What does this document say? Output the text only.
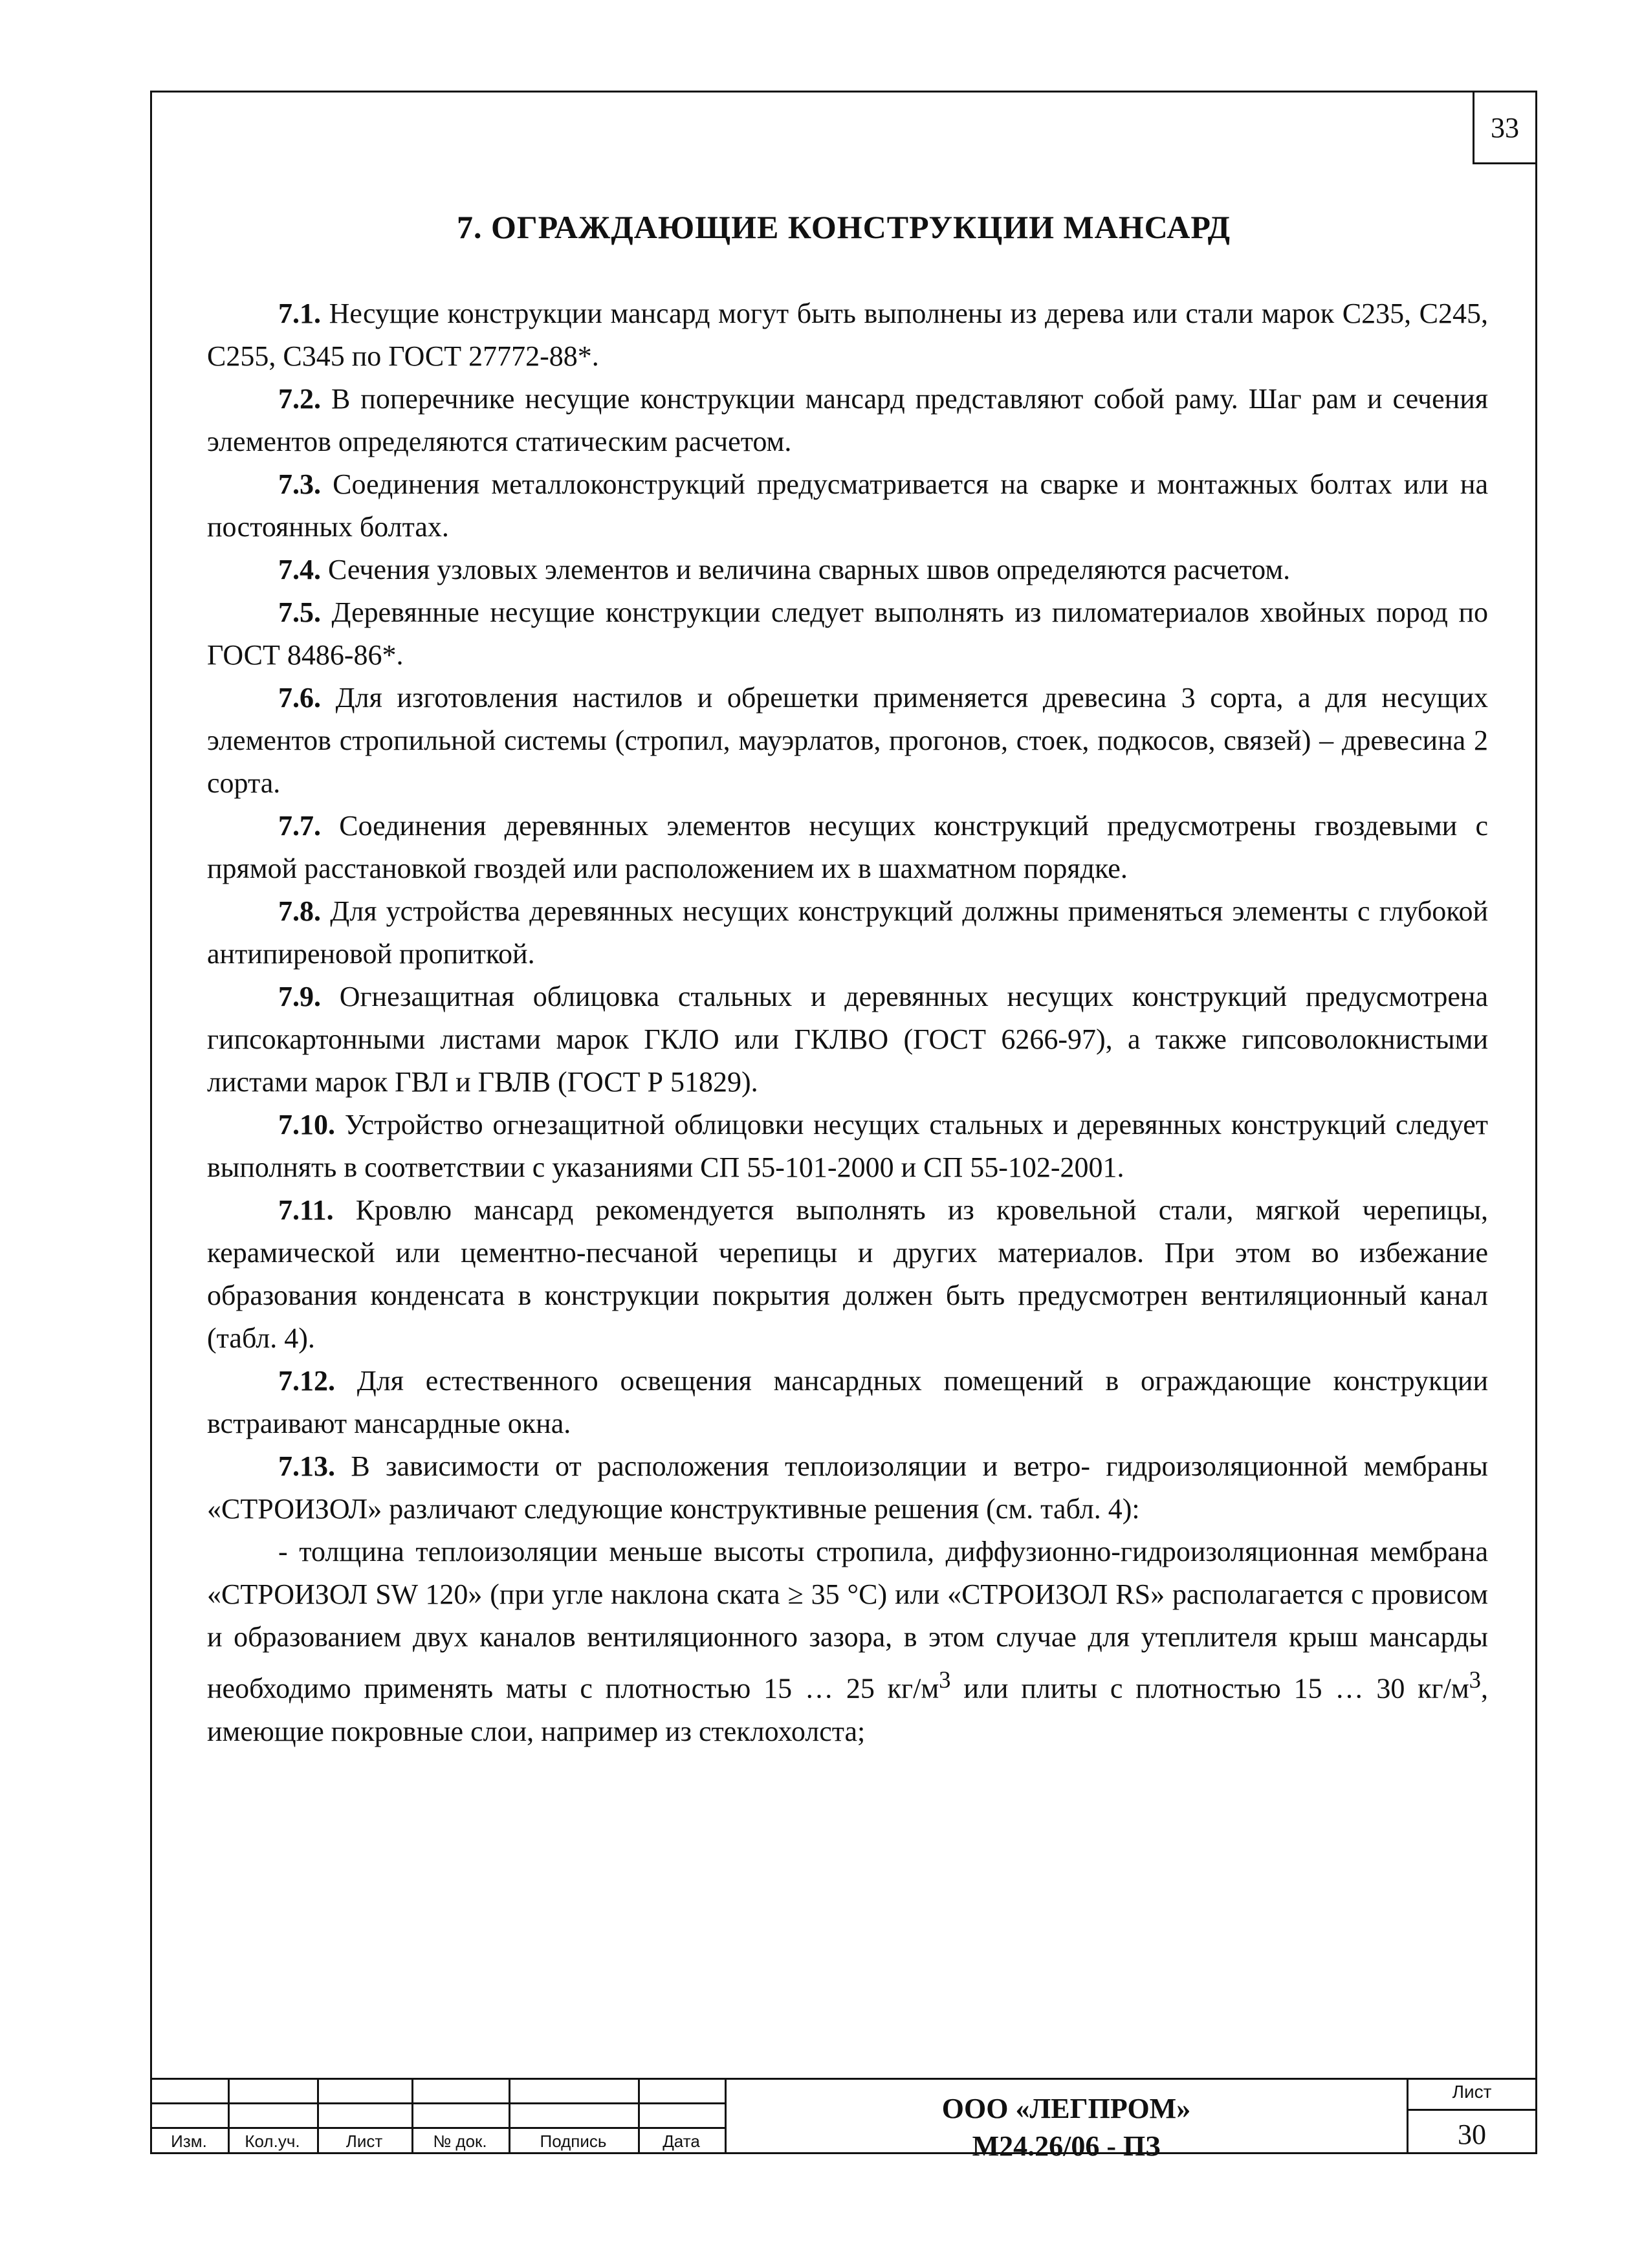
33
7. ОГРАЖДАЮЩИЕ КОНСТРУКЦИИ МАНСАРД

7.1. Несущие конструкции мансард могут быть выполнены из дерева или стали марок С235, С245, С255, С345 по ГОСТ 27772-88*.

7.2. В поперечнике несущие конструкции мансард представляют собой раму. Шаг рам и сечения элементов определяются статическим расчетом.

7.3. Соединения металлоконструкций предусматривается на сварке и монтажных болтах или на постоянных болтах.

7.4. Сечения узловых элементов и величина сварных швов определяются расчетом.

7.5. Деревянные несущие конструкции следует выполнять из пиломатериалов хвойных пород по ГОСТ 8486-86*.

7.6. Для изготовления настилов и обрешетки применяется древесина 3 сорта, а для несущих элементов стропильной системы (стропил, мауэрлатов, прогонов, стоек, подкосов, связей) – древесина 2 сорта.

7.7. Соединения деревянных элементов несущих конструкций предусмотрены гвоздевыми с прямой расстановкой гвоздей или расположением их в шахматном порядке.

7.8. Для устройства деревянных несущих конструкций должны применяться элементы с глубокой антипиреновой пропиткой.

7.9. Огнезащитная облицовка стальных и деревянных несущих конструкций предусмотрена гипсокартонными листами марок ГКЛО или ГКЛВО (ГОСТ 6266-97), а также гипсоволокнистыми листами марок ГВЛ и ГВЛВ (ГОСТ Р 51829).

7.10. Устройство огнезащитной облицовки несущих стальных и деревянных конструкций следует выполнять в соответствии с указаниями СП 55-101-2000 и СП 55-102-2001.

7.11. Кровлю мансард рекомендуется выполнять из кровельной стали, мягкой черепицы, керамической или цементно-песчаной черепицы и других материалов. При этом во избежание образования конденсата в конструкции покрытия должен быть предусмотрен вентиляционный канал (табл. 4).

7.12. Для естественного освещения мансардных помещений в ограждающие конструкции встраивают мансардные окна.

7.13. В зависимости от расположения теплоизоляции и ветро- гидроизоляционной мембраны «СТРОИЗОЛ» различают следующие конструктивные решения (см. табл. 4):

- толщина теплоизоляции меньше высоты стропила, диффузионно-гидроизоляционная мембрана «СТРОИЗОЛ SW 120» (при угле наклона ската ≥ 35 °С) или «СТРОИЗОЛ RS» располагается с провисом и образованием двух каналов вентиляционного зазора, в этом случае для утеплителя крыш мансарды необходимо применять маты с плотностью 15 … 25 $кг/м^3$ или плиты с плотностью 15 … 30 $кг/м^3$, имеющие покровные слои, например из стеклохолста;

Изм.	Кол.уч.	Лист	№ док.	Подпись	Дата
ООО «ЛЕГПРОМ»
М24.26/06 - ПЗ
Лист
30
